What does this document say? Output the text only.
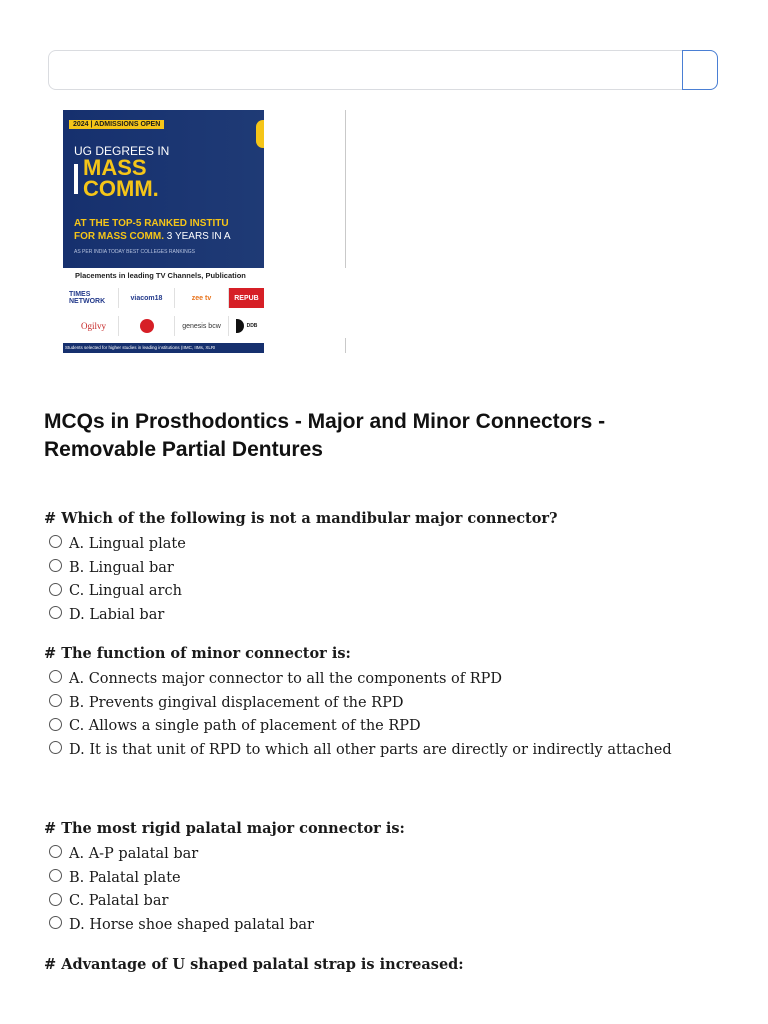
2024 | ADMISSIONS OPEN
UG DEGREES IN
MASS
COMM.
AT THE TOP-5 RANKED INSTITU
FOR MASS COMM. 3 YEARS IN A
AS PER INDIA TODAY BEST COLLEGES RANKINGS
Placements in leading TV Channels, Publication
TIMES NETWORK	viacom18	zee tv	REPUB
Ogilvy	genesis bcw	DDB
Students selected for higher studies in leading institutions (IIMC, IIMs, XLRI
MCQs in Prosthodontics - Major and Minor Connectors - Removable Partial Dentures
# Which of the following is not a mandibular major connector?
A. Lingual plate
B. Lingual bar
C. Lingual arch
D. Labial bar
# The function of minor connector is:
A. Connects major connector to all the components of RPD
B. Prevents gingival displacement of the RPD
C. Allows a single path of placement of the RPD
D. It is that unit of RPD to which all other parts are directly or indirectly attached
# The most rigid palatal major connector is:
A. A-P palatal bar
B. Palatal plate
C. Palatal bar
D. Horse shoe shaped palatal bar
# Advantage of U shaped palatal strap is increased:
